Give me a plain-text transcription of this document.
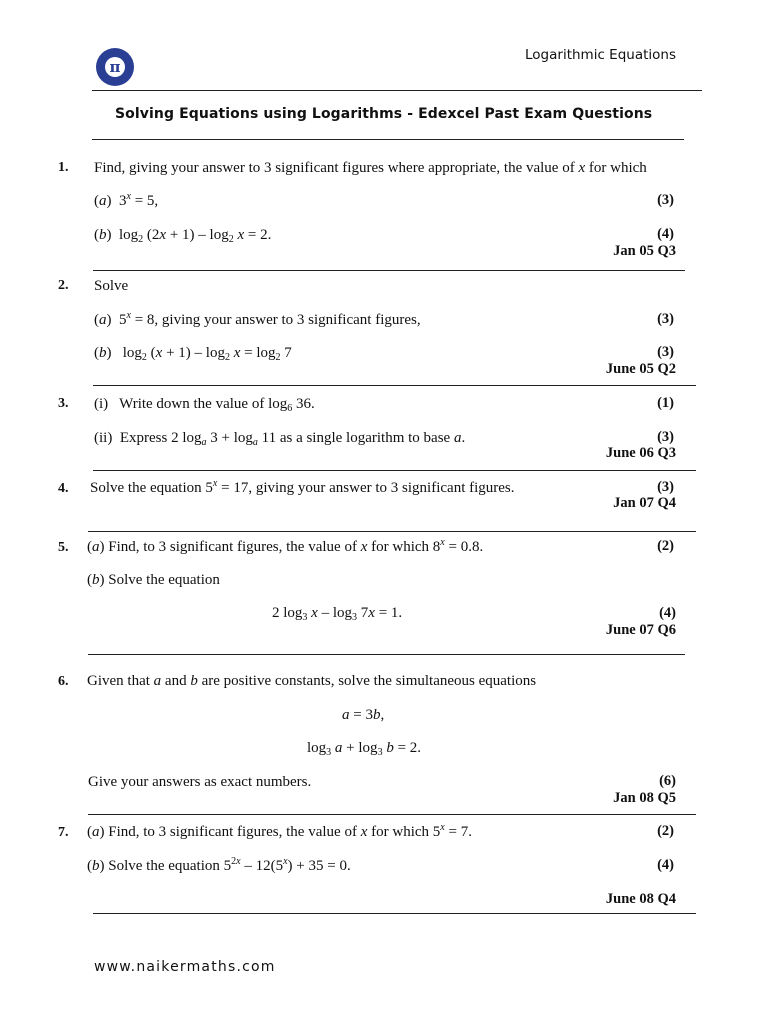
π
Logarithmic Equations
Solving Equations using Logarithms - Edexcel Past Exam Questions
1. Find, giving your answer to 3 significant figures where appropriate, the value of x for which
(a)  $3^x = 5$,	(3)
(b)  $\log_2 (2x + 1) - \log_2 x = 2$.	(4)
Jan 05 Q3
2. Solve
(a)  $5^x = 8$, giving your answer to 3 significant figures,	(3)
(b)   $\log_2 (x + 1) - \log_2 x = \log_2 7$	(3)
June 05 Q2
3. (i)   Write down the value of $\log_6 36$.	(1)
(ii)  Express 2 $\log_a 3 + \log_a 11$ as a single logarithm to base a.	(3)
June 06 Q3
4. Solve the equation $5^x = 17$, giving your answer to 3 significant figures.	(3)
Jan 07 Q4
5. (a) Find, to 3 significant figures, the value of x for which $8^x = 0.8$.	(2)
(b) Solve the equation
2 $\log_3 x - \log_3 7x = 1$.	(4)
June 07 Q6
6. Given that a and b are positive constants, solve the simultaneous equations
a = 3b,
$\log_3 a + \log_3 b = 2$.
Give your answers as exact numbers.	(6)
Jan 08 Q5
7. (a) Find, to 3 significant figures, the value of x for which $5^x = 7$.	(2)
(b) Solve the equation $5^{2x} - 12(5^x) + 35 = 0$.	(4)
June 08 Q4
www.naikermaths.com
